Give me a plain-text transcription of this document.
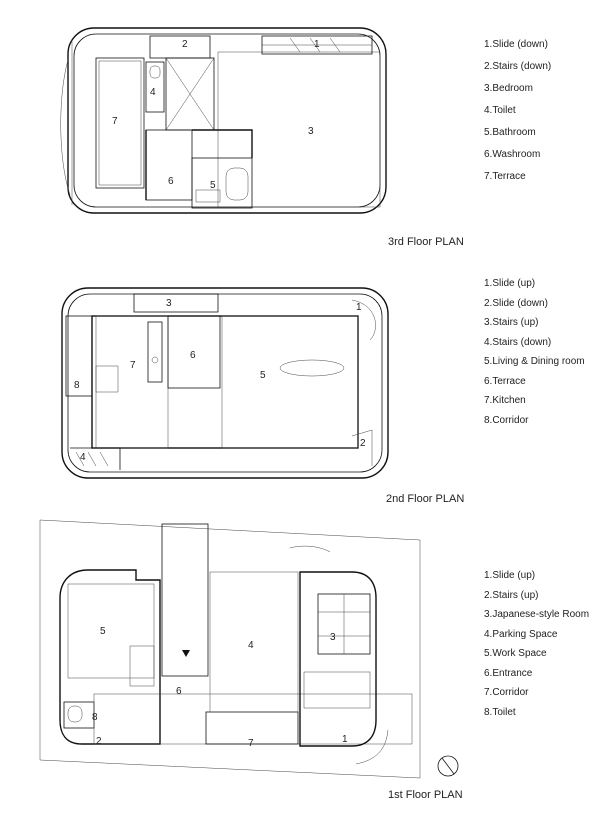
1
2
3
4
5
6
7
1
2
3
4
5
6
7
8
1
2
3
4
5
6
7
8
1.Slide (down)
2.Stairs (down)
3.Bedroom
4.Toilet
5.Bathroom
6.Washroom
7.Terrace
3rd Floor PLAN
1.Slide (up)
2.Slide (down)
3.Stairs (up)
4.Stairs (down)
5.Living & Dining room
6.Terrace
7.Kitchen
8.Corridor
2nd Floor PLAN
1.Slide (up)
2.Stairs (up)
3.Japanese-style Room
4.Parking Space
5.Work Space
6.Entrance
7.Corridor
8.Toilet
1st Floor PLAN
